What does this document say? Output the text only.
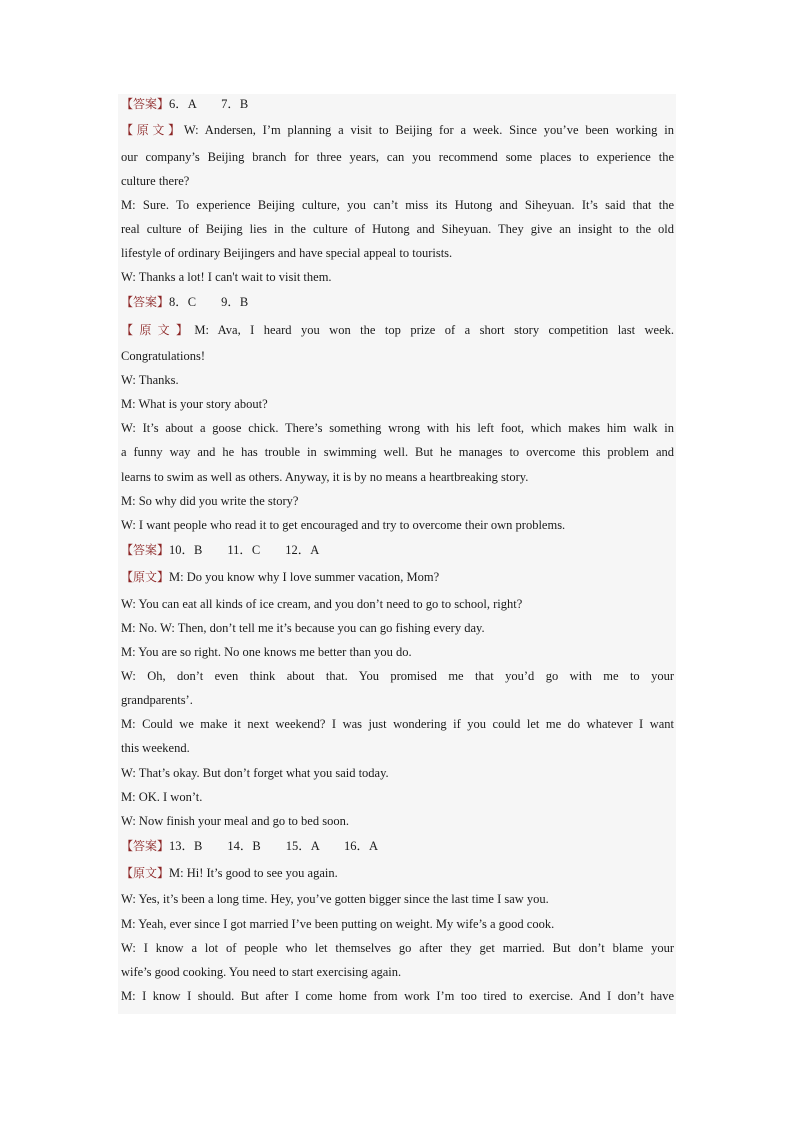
【答案】6．A　　7．B
【原文】W: Andersen, I’m planning a visit to Beijing for a week. Since you’ve been working in
our company’s Beijing branch for three years, can you recommend some places to experience the
culture there?
M: Sure. To experience Beijing culture, you can’t miss its Hutong and Siheyuan. It’s said that the
real culture of Beijing lies in the culture of Hutong and Siheyuan. They give an insight to the old
lifestyle of ordinary Beijingers and have special appeal to tourists.
W: Thanks a lot! I can't wait to visit them.
【答案】8．C　　9．B
【原文】M: Ava, I heard you won the top prize of a short story competition last week.
Congratulations!
W: Thanks.
M: What is your story about?
W: It’s about a goose chick. There’s something wrong with his left foot, which makes him walk in
a funny way and he has trouble in swimming well. But he manages to overcome this problem and
learns to swim as well as others. Anyway, it is by no means a heartbreaking story.
M: So why did you write the story?
W: I want people who read it to get encouraged and try to overcome their own problems.
【答案】10．B　　11．C　　12．A
【原文】M: Do you know why I love summer vacation, Mom?
W: You can eat all kinds of ice cream, and you don’t need to go to school, right?
M: No. W: Then, don’t tell me it’s because you can go fishing every day.
M: You are so right. No one knows me better than you do.
W: Oh, don’t even think about that. You promised me that you’d go with me to your
grandparents’.
M: Could we make it next weekend? I was just wondering if you could let me do whatever I want
this weekend.
W: That’s okay. But don’t forget what you said today.
M: OK. I won’t.
W: Now finish your meal and go to bed soon.
【答案】13．B　　14．B　　15．A　　16．A
【原文】M: Hi! It’s good to see you again.
W: Yes, it’s been a long time. Hey, you’ve gotten bigger since the last time I saw you.
M: Yeah, ever since I got married I’ve been putting on weight. My wife’s a good cook.
W: I know a lot of people who let themselves go after they get married. But don’t blame your
wife’s good cooking. You need to start exercising again.
M: I know I should. But after I come home from work I’m too tired to exercise. And I don’t have
